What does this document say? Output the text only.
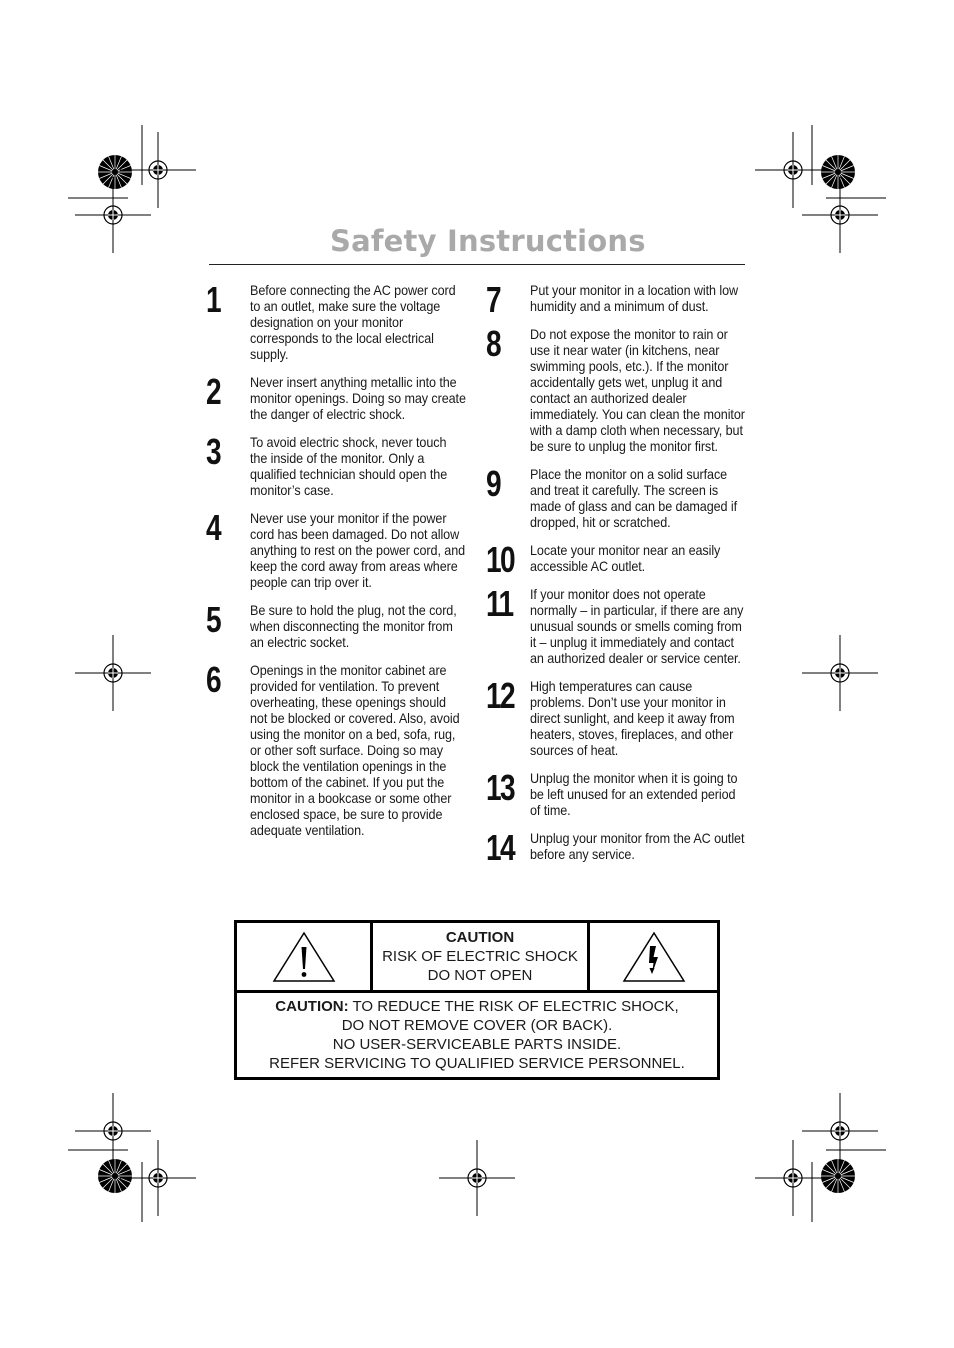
Safety Instructions
1 Before connecting the AC power cord to an outlet, make sure the voltage designation on your monitor corresponds to the local electrical supply.
2 Never insert anything metallic into the monitor openings. Doing so may create the danger of electric shock.
3 To avoid electric shock, never touch the inside of the monitor. Only a qualified technician should open the monitor’s case.
4 Never use your monitor if the power cord has been damaged. Do not allow anything to rest on the power cord, and keep the cord away from areas where people can trip over it.
5 Be sure to hold the plug, not the cord, when disconnecting the monitor from an electric socket.
6 Openings in the monitor cabinet are provided for ventilation. To prevent overheating, these openings should not be blocked or covered. Also, avoid using the monitor on a bed, sofa, rug, or other soft surface. Doing so may block the ventilation openings in the bottom of the cabinet. If you put the monitor in a bookcase or some other enclosed space, be sure to provide adequate ventilation.
7 Put your monitor in a location with low humidity and a minimum of dust.
8 Do not expose the monitor to rain or use it near water (in kitchens, near swimming pools, etc.). If the monitor accidentally gets wet, unplug it and contact an authorized dealer immediately. You can clean the monitor with a damp cloth when necessary, but be sure to unplug the monitor first.
9 Place the monitor on a solid surface and treat it carefully. The screen is made of glass and can be damaged if dropped, hit or scratched.
10 Locate your monitor near an easily accessible AC outlet.
11 If your monitor does not operate normally – in particular, if there are any unusual sounds or smells coming from it – unplug it immediately and contact an authorized dealer or service center.
12 High temperatures can cause problems. Don’t use your monitor in direct sunlight, and keep it away from heaters, stoves, fireplaces, and other sources of heat.
13 Unplug the monitor when it is going to be left unused for an extended period of time.
14 Unplug your monitor from the AC outlet before any service.
CAUTION
RISK OF ELECTRIC SHOCK
DO NOT OPEN
CAUTION: TO REDUCE THE RISK OF ELECTRIC SHOCK,
DO NOT REMOVE COVER (OR BACK).
NO USER-SERVICEABLE PARTS INSIDE.
REFER SERVICING TO QUALIFIED SERVICE PERSONNEL.
